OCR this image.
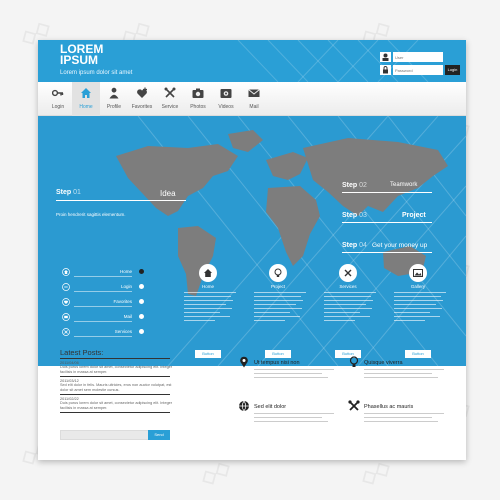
◇◇	◇◇	◇◇
◇◇
◇◇	◇◇
LOREM IPSUM
Lorem ipsum dolor sit amet
User
Login
Login	Home	Profile	Favorites	Service	Photos	Videos	Mail
Step 01	Idea
Proin hendrerit sagittis elementum.
Step 02	Teamwork
Step 03	Project
Step 04 Get your money up
Home
Login
Favorites
Mail
Services
Home
Button
Project
Button
Services
Button
Gallery
Button
Latest Posts:
2011/04/06
Duis purus lorem dolor sit amet, consectetur adipiscing elit. Integer facilisis in massa at semper.
2011/03/12
Sed elit dolor in felis. Mauris ultricies, eros non auctor volutpat, est dolor sit amet sem molestie cursus.
2011/02/22
Duis purus lorem dolor sit amet, consectetur adipiscing elit. Integer facilisis in massa at semper.
Send
Ut tempus nisi non	Quisque viverra
Sed elit dolor	Phasellus ac mauris
